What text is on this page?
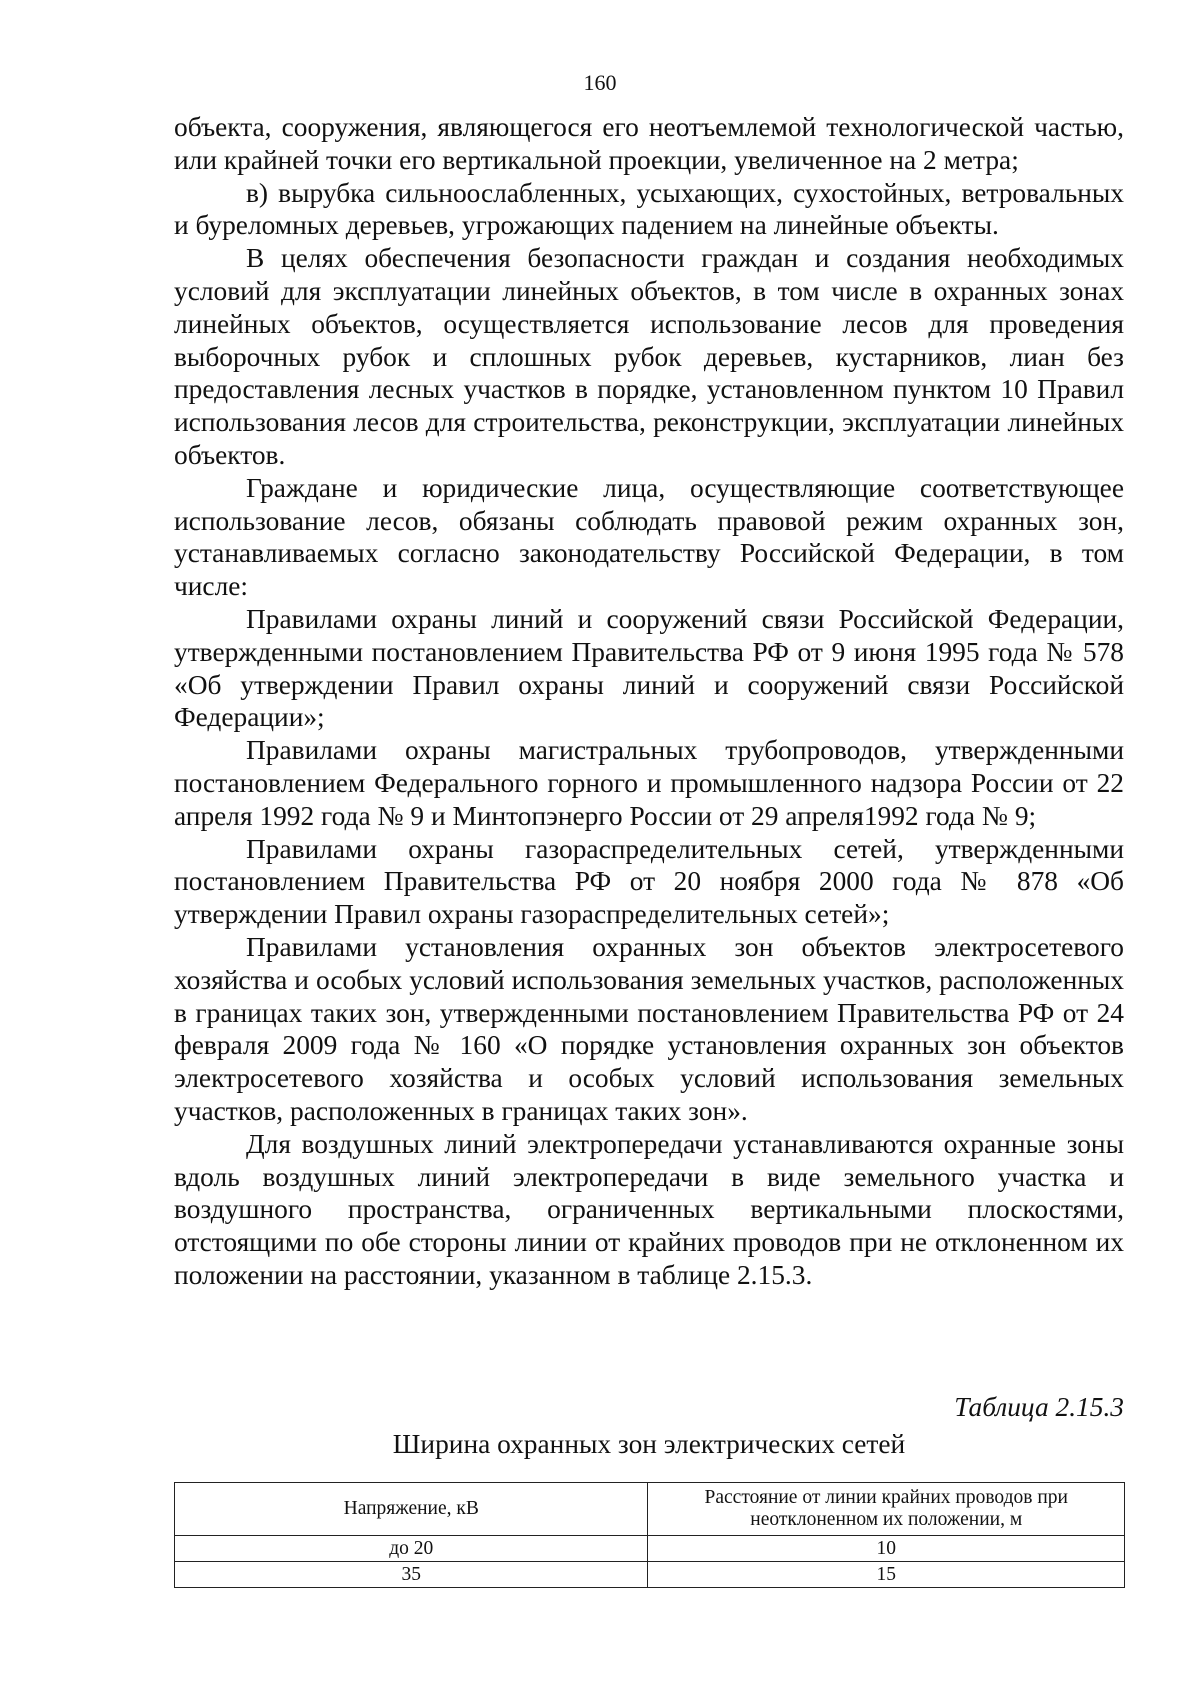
160

объекта, сооружения, являющегося его неотъемлемой технологической частью, или крайней точки его вертикальной проекции, увеличенное на 2 метра;

в) вырубка сильноослабленных, усыхающих, сухостойных, ветровальных и буреломных деревьев, угрожающих падением на линейные объекты.

В целях обеспечения безопасности граждан и создания необходимых условий для эксплуатации линейных объектов, в том числе в охранных зонах линейных объектов, осуществляется использование лесов для проведения выборочных рубок и сплошных рубок деревьев, кустарников, лиан без предоставления лесных участков в порядке, установленном пунктом 10 Правил использования лесов для строительства, реконструкции, эксплуатации линейных объектов.

Граждане и юридические лица, осуществляющие соответствующее использование лесов, обязаны соблюдать правовой режим охранных зон, устанавливаемых согласно законодательству Российской Федерации, в том числе:

Правилами охраны линий и сооружений связи Российской Федерации, утвержденными постановлением Правительства РФ от 9 июня 1995 года № 578 «Об утверждении Правил охраны линий и сооружений связи Российской Федерации»;

Правилами охраны магистральных трубопроводов, утвержденными постановлением Федерального горного и промышленного надзора России от 22 апреля 1992 года № 9 и Минтопэнерго России от 29 апреля1992 года № 9;

Правилами охраны газораспределительных сетей, утвержденными постановлением Правительства РФ от 20 ноября 2000 года № 878 «Об утверждении Правил охраны газораспределительных сетей»;

Правилами установления охранных зон объектов электросетевого хозяйства и особых условий использования земельных участков, расположенных в границах таких зон, утвержденными постановлением Правительства РФ от 24 февраля 2009 года № 160 «О порядке установления охранных зон объектов электросетевого хозяйства и особых условий использования земельных участков, расположенных в границах таких зон».

Для воздушных линий электропередачи устанавливаются охранные зоны вдоль воздушных линий электропередачи в виде земельного участка и воздушного пространства, ограниченных вертикальными плоскостями, отстоящими по обе стороны линии от крайних проводов при не отклоненном их положении на расстоянии, указанном в таблице 2.15.3.

Таблица 2.15.3
Ширина охранных зон электрических сетей
Напряжение, кВ	Расстояние от линии крайних проводов при неотклоненном их положении, м
до 20	10
35	15
